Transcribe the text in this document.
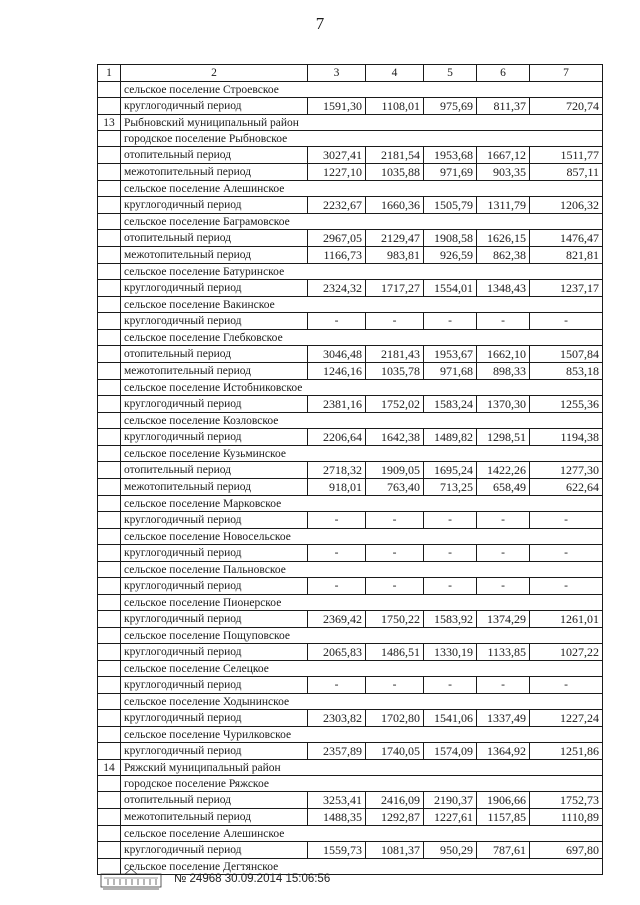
7
1	2	3	4	5	6	7
	сельское поселение Строевское					
	круглогодичный период	1591,30	1108,01	975,69	811,37	720,74
13	Рыбновский муниципальный район					
	городское поселение Рыбновское					
	отопительный период	3027,41	2181,54	1953,68	1667,12	1511,77
	межотопительный период	1227,10	1035,88	971,69	903,35	857,11
	сельское поселение Алешинское					
	круглогодичный период	2232,67	1660,36	1505,79	1311,79	1206,32
	сельское поселение Баграмовское					
	отопительный период	2967,05	2129,47	1908,58	1626,15	1476,47
	межотопительный период	1166,73	983,81	926,59	862,38	821,81
	сельское поселение Батуринское					
	круглогодичный период	2324,32	1717,27	1554,01	1348,43	1237,17
	сельское поселение Вакинское					
	круглогодичный период	-	-	-	-	-
	сельское поселение Глебковское					
	отопительный период	3046,48	2181,43	1953,67	1662,10	1507,84
	межотопительный период	1246,16	1035,78	971,68	898,33	853,18
	сельское поселение Истобниковское					
	круглогодичный период	2381,16	1752,02	1583,24	1370,30	1255,36
	сельское поселение Козловское					
	круглогодичный период	2206,64	1642,38	1489,82	1298,51	1194,38
	сельское поселение Кузьминское					
	отопительный период	2718,32	1909,05	1695,24	1422,26	1277,30
	межотопительный период	918,01	763,40	713,25	658,49	622,64
	сельское поселение Марковское					
	круглогодичный период	-	-	-	-	-
	сельское поселение Новосельское					
	круглогодичный период	-	-	-	-	-
	сельское поселение Пальновское					
	круглогодичный период	-	-	-	-	-
	сельское поселение Пионерское					
	круглогодичный период	2369,42	1750,22	1583,92	1374,29	1261,01
	сельское поселение Пощуповское					
	круглогодичный период	2065,83	1486,51	1330,19	1133,85	1027,22
	сельское поселение Селецкое					
	круглогодичный период	-	-	-	-	-
	сельское поселение Ходынинское					
	круглогодичный период	2303,82	1702,80	1541,06	1337,49	1227,24
	сельское поселение Чурилковское					
	круглогодичный период	2357,89	1740,05	1574,09	1364,92	1251,86
14	Ряжский муниципальный район					
	городское поселение Ряжское					
	отопительный период	3253,41	2416,09	2190,37	1906,66	1752,73
	межотопительный период	1488,35	1292,87	1227,61	1157,85	1110,89
	сельское поселение Алешинское					
	круглогодичный период	1559,73	1081,37	950,29	787,61	697,80
	сельское поселение Дегтянское					
№ 24968 30.09.2014 15:06:56
